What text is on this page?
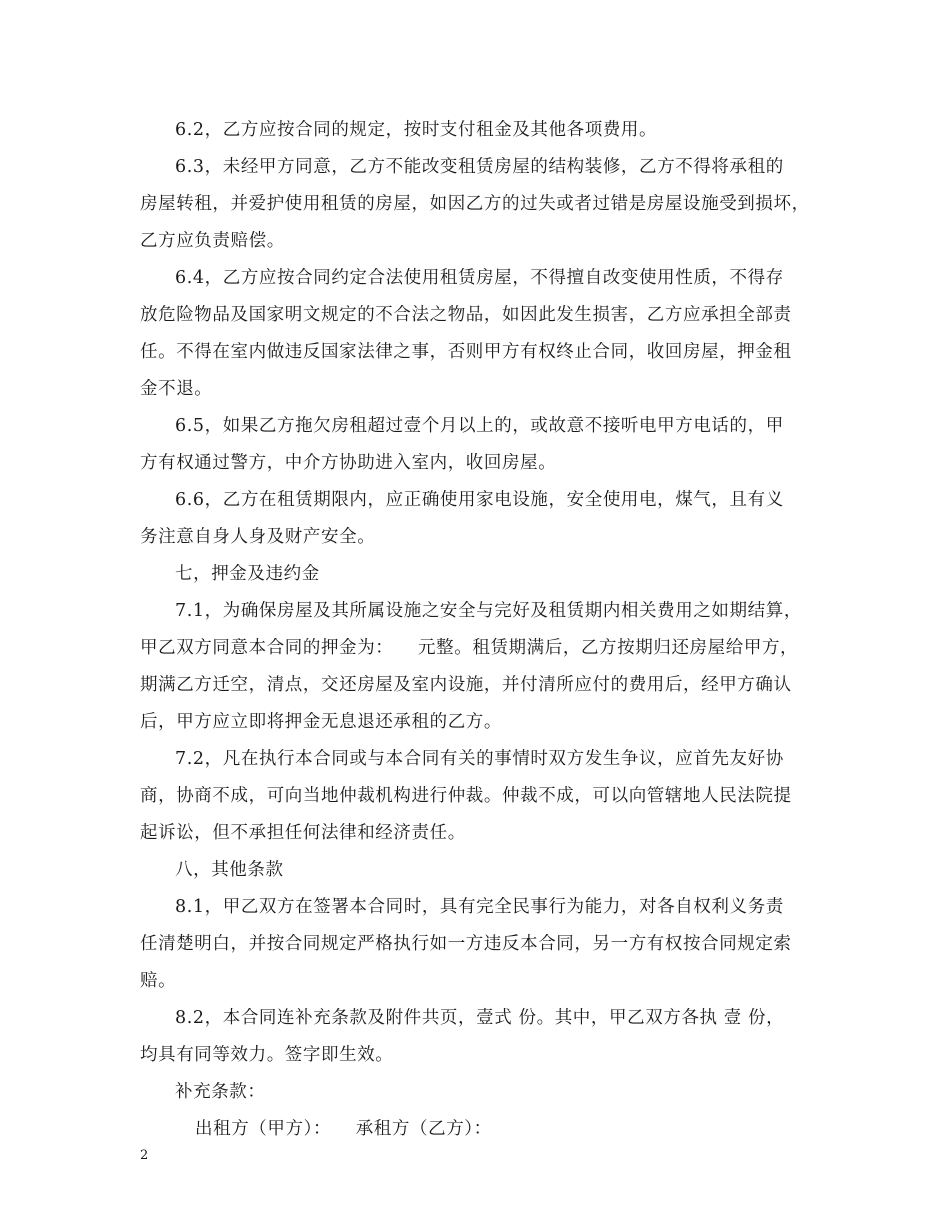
6.2，乙方应按合同的规定，按时支付租金及其他各项费用。
6.3，未经甲方同意，乙方不能改变租赁房屋的结构装修，乙方不得将承租的
房屋转租，并爱护使用租赁的房屋，如因乙方的过失或者过错是房屋设施受到损坏，
乙方应负责赔偿。
6.4，乙方应按合同约定合法使用租赁房屋，不得擅自改变使用性质，不得存
放危险物品及国家明文规定的不合法之物品，如因此发生损害，乙方应承担全部责
任。不得在室内做违反国家法律之事，否则甲方有权终止合同，收回房屋，押金租
金不退。
6.5，如果乙方拖欠房租超过壹个月以上的，或故意不接听电甲方电话的，甲
方有权通过警方，中介方协助进入室内，收回房屋。
6.6，乙方在租赁期限内，应正确使用家电设施，安全使用电，煤气，且有义
务注意自身人身及财产安全。
七，押金及违约金
7.1，为确保房屋及其所属设施之安全与完好及租赁期内相关费用之如期结算，
甲乙双方同意本合同的押金为：    元整。租赁期满后，乙方按期归还房屋给甲方，
期满乙方迁空，清点，交还房屋及室内设施，并付清所应付的费用后，经甲方确认
后，甲方应立即将押金无息退还承租的乙方。
7.2，凡在执行本合同或与本合同有关的事情时双方发生争议，应首先友好协
商，协商不成，可向当地仲裁机构进行仲裁。仲裁不成，可以向管辖地人民法院提
起诉讼，但不承担任何法律和经济责任。
八，其他条款
8.1，甲乙双方在签署本合同时，具有完全民事行为能力，对各自权利义务责
任清楚明白，并按合同规定严格执行如一方违反本合同，另一方有权按合同规定索
赔。
8.2，本合同连补充条款及附件共页，壹式 份。其中，甲乙双方各执 壹 份，
均具有同等效力。签字即生效。
补充条款：
出租方（甲方）：    承租方（乙方）：
2
